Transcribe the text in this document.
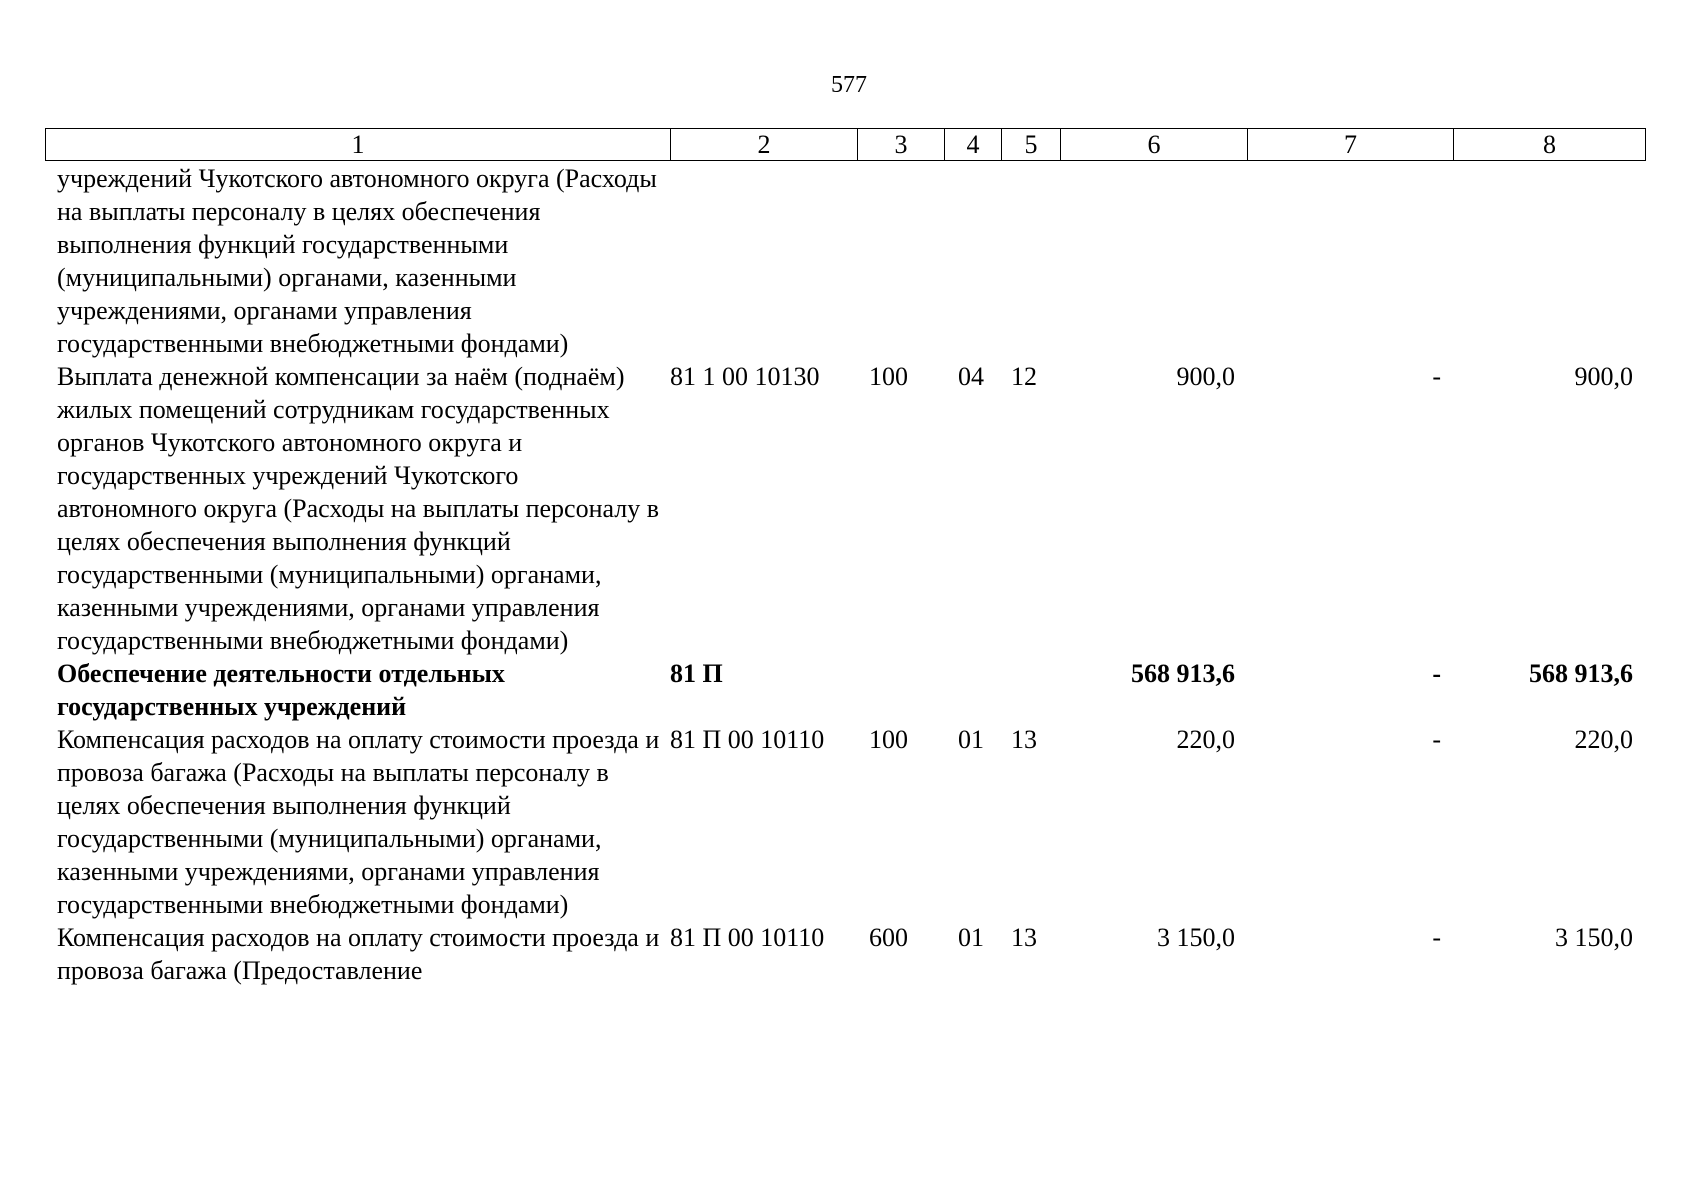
577
1	2	3	4	5	6	7	8
учреждений Чукотского автономного округа (Расходы на выплаты персоналу в целях обеспечения выполнения функций государственными (муниципальными) органами, казенными учреждениями, органами управления государственными внебюджетными фондами)							
Выплата денежной компенсации за наём (поднаём) жилых помещений сотрудникам государственных органов Чукотского автономного округа и государственных учреждений Чукотского автономного округа (Расходы на выплаты персоналу в целях обеспечения выполнения функций государственными (муниципальными) органами, казенными учреждениями, органами управления государственными внебюджетными фондами)	81 1 00 10130	100	04	12	900,0	-	900,0
Обеспечение деятельности отдельных государственных учреждений	81 П				568 913,6	-	568 913,6
Компенсация расходов на оплату стоимости проезда и провоза багажа (Расходы на выплаты персоналу в целях обеспечения выполнения функций государственными (муниципальными) органами, казенными учреждениями, органами управления государственными внебюджетными фондами)	81 П 00 10110	100	01	13	220,0	-	220,0
Компенсация расходов на оплату стоимости проезда и провоза багажа (Предоставление	81 П 00 10110	600	01	13	3 150,0	-	3 150,0
